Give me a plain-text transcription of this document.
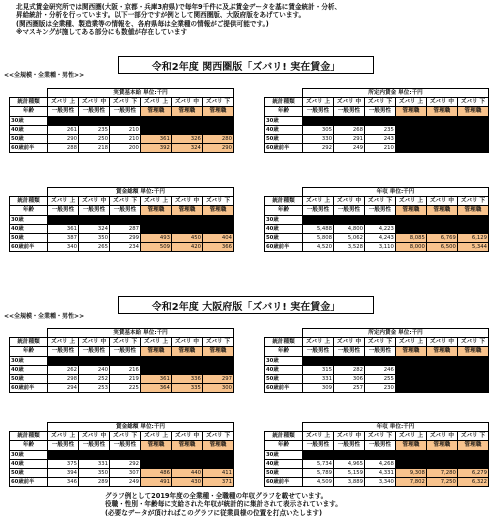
北見式賃金研究所では関西圏(大阪・京都・兵庫3府県)で毎年9千件に及ぶ賃金データを基に賃金統計・分析、
昇給統計・分析を行っています。以下一部分ですが例として関西圏版、大阪府版をあげています。
(関西圏版は全業種、製造業等の情報を、各府県毎は全業種の情報がご提供可能です。)
※マスキングが施してある部分にも数値が存在しています
<<全規模・全業種・男性>>
令和2年度 関西圏版「ズバリ! 実在賃金」
	実賃基本給 単位:千円					
統計種類	ズバリ 上	ズバリ 中	ズバリ 下	ズバリ 上	ズバリ 中	ズバリ 下
年齢	一般男性	一般男性	一般男性	管理職	管理職	管理職
30歳						
40歳	261	235	210			
50歳	290	250	210	361	326	280
60歳前半	288	218	200	392	324	290
	所定内賃金 単位:千円					
統計種類	ズバリ 上	ズバリ 中	ズバリ 下	ズバリ 上	ズバリ 中	ズバリ 下
年齢	一般男性	一般男性	一般男性	管理職	管理職	管理職
30歳						
40歳	305	268	235			
50歳	330	291	243			
60歳前半	292	249	210			
	賞金総額 単位:千円					
統計種類	ズバリ 上	ズバリ 中	ズバリ 下	ズバリ 上	ズバリ 中	ズバリ 下
年齢	一般男性	一般男性	一般男性	管理職	管理職	管理職
30歳						
40歳	361	324	287			
50歳	387	350	299	493	450	404
60歳前半	340	265	234	509	420	366
	年収 単位:千円					
統計種類	ズバリ 上	ズバリ 中	ズバリ 下	ズバリ 上	ズバリ 中	ズバリ 下
年齢	一般男性	一般男性	一般男性	管理職	管理職	管理職
30歳						
40歳	5,488	4,800	4,223			
50歳	5,808	5,062	4,243	8,085	6,769	6,129
60歳前半	4,520	3,528	3,110	8,000	6,500	5,344
<<全規模・全業種・男性>>
令和2年度 大阪府版「ズバリ! 実在賃金」
	実賃基本給 単位:千円					
統計種類	ズバリ 上	ズバリ 中	ズバリ 下	ズバリ 上	ズバリ 中	ズバリ 下
年齢	一般男性	一般男性	一般男性	管理職	管理職	管理職
30歳						
40歳	262	240	216			
50歳	298	252	219	361	336	297
60歳前半	294	253	225	364	335	300
	所定内賃金 単位:千円					
統計種類	ズバリ 上	ズバリ 中	ズバリ 下	ズバリ 上	ズバリ 中	ズバリ 下
年齢	一般男性	一般男性	一般男性	管理職	管理職	管理職
30歳						
40歳	315	282	246			
50歳	331	306	255			
60歳前半	309	257	230			
	賞金総額 単位:千円					
統計種類	ズバリ 上	ズバリ 中	ズバリ 下	ズバリ 上	ズバリ 中	ズバリ 下
年齢	一般男性	一般男性	一般男性	管理職	管理職	管理職
30歳						
40歳	375	331	292			
50歳	394	350	307	486	440	411
60歳前半	346	289	249	491	430	371
	年収 単位:千円					
統計種類	ズバリ 上	ズバリ 中	ズバリ 下	ズバリ 上	ズバリ 中	ズバリ 下
年齢	一般男性	一般男性	一般男性	管理職	管理職	管理職
30歳						
40歳	5,734	4,965	4,268			
50歳	5,789	5,159	4,331	9,308	7,280	6,279
60歳前半	4,509	3,889	3,340	7,802	7,250	6,322
グラフ例として2019年度の全業種・全職種の年収グラフを載せています。
役職・性別・年齢毎に支給された年収が統計的に集計されて表示されています。
(必要なデータが頂ければこのグラフに従業員様の位置を打点いたします)
